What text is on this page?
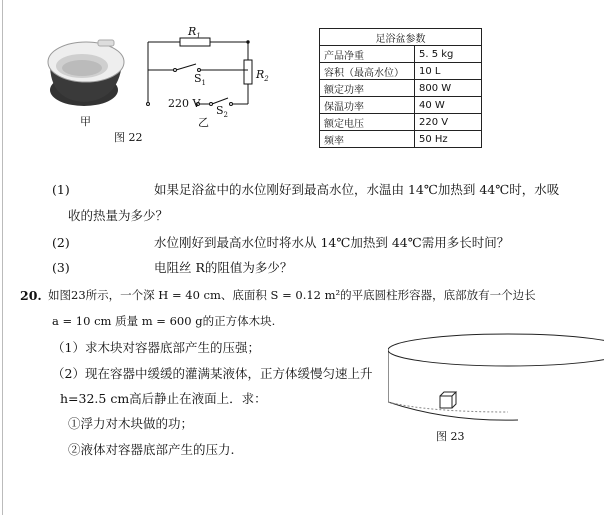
甲
$R_1$
$S_1$
$R_2$
220 V
$S_2$
乙
图 22
足浴盆参数	
产品净重	5. 5 kg
容积（最高水位）	10 L
额定功率	800 W
保温功率	40 W
额定电压	220 V
频率	50 Hz
(1)	如果足浴盆中的水位刚好到最高水位，水温由 14℃加热到 44℃时，水吸
收的热量为多少？
(2)	水位刚好到最高水位时将水从 14℃加热到 44℃需用多长时间？
(3)	电阻丝 R的阻值为多少？
20. 如图23所示，一个深 H = 40 cm、底面积 S = 0.12 m²的平底圆柱形容器，底部放有一个边长
a = 10 cm 质量 m = 600 g的正方体木块.
（1）求木块对容器底部产生的压强；
（2）现在容器中缓缓的灌满某液体，正方体缓慢匀速上升
h=32.5 cm高后静止在液面上．求：
①浮力对木块做的功；
②液体对容器底部产生的压力.
图 23
